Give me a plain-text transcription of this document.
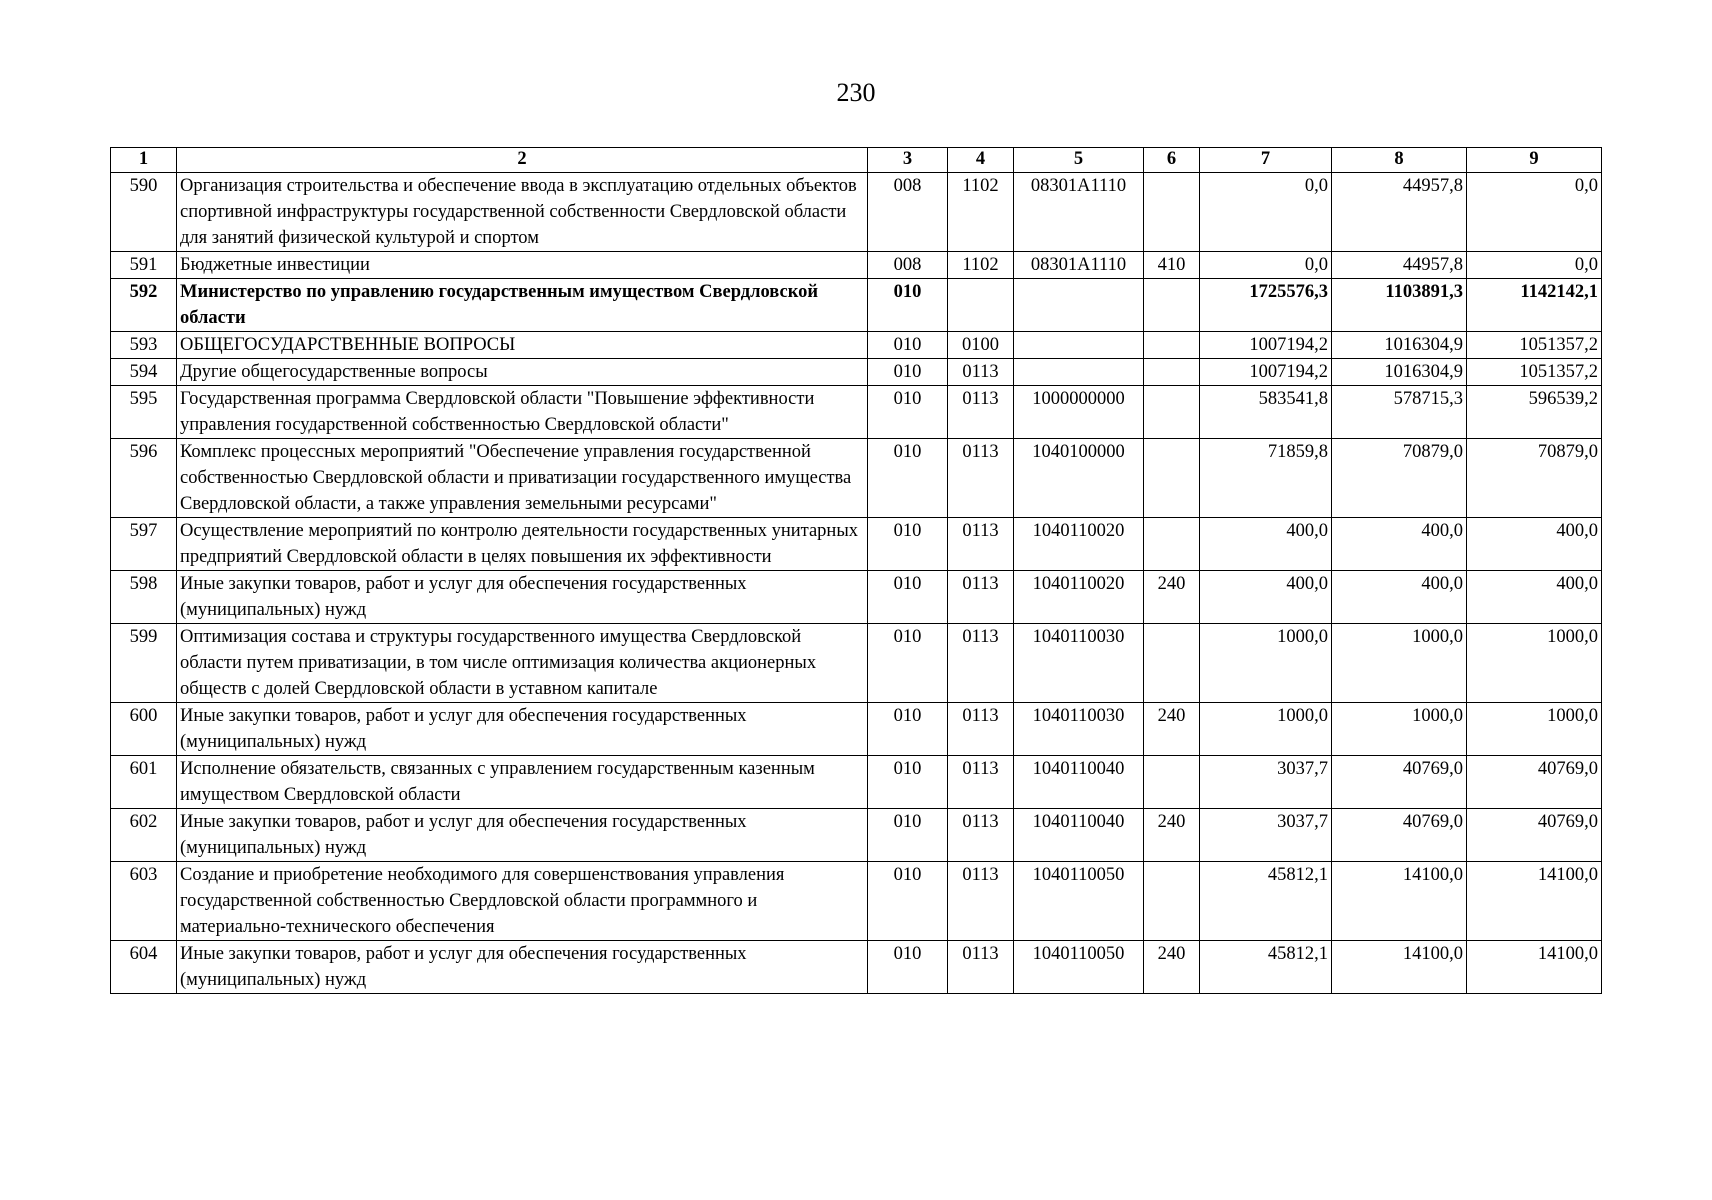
230
1	2	3	4	5	6	7	8	9
590	Организация строительства и обеспечение ввода в эксплуатацию отдельных объектов спортивной инфраструктуры государственной собственности Свердловской области для занятий физической культурой и спортом	008	1102	08301А1110		0,0	44957,8	0,0
591	Бюджетные инвестиции	008	1102	08301А1110	410	0,0	44957,8	0,0
592	Министерство по управлению государственным имуществом Свердловской области	010				1725576,3	1103891,3	1142142,1
593	ОБЩЕГОСУДАРСТВЕННЫЕ ВОПРОСЫ	010	0100			1007194,2	1016304,9	1051357,2
594	Другие общегосударственные вопросы	010	0113			1007194,2	1016304,9	1051357,2
595	Государственная программа Свердловской области "Повышение эффективности управления государственной собственностью Свердловской области"	010	0113	1000000000		583541,8	578715,3	596539,2
596	Комплекс процессных мероприятий "Обеспечение управления государственной собственностью Свердловской области и приватизации государственного имущества Свердловской области, а также управления земельными ресурсами"	010	0113	1040100000		71859,8	70879,0	70879,0
597	Осуществление мероприятий по контролю деятельности государственных унитарных предприятий Свердловской области в целях повышения их эффективности	010	0113	1040110020		400,0	400,0	400,0
598	Иные закупки товаров, работ и услуг для обеспечения государственных (муниципальных) нужд	010	0113	1040110020	240	400,0	400,0	400,0
599	Оптимизация состава и структуры государственного имущества Свердловской области путем приватизации, в том числе оптимизация количества акционерных обществ с долей Свердловской области в уставном капитале	010	0113	1040110030		1000,0	1000,0	1000,0
600	Иные закупки товаров, работ и услуг для обеспечения государственных (муниципальных) нужд	010	0113	1040110030	240	1000,0	1000,0	1000,0
601	Исполнение обязательств, связанных с управлением государственным казенным имуществом Свердловской области	010	0113	1040110040		3037,7	40769,0	40769,0
602	Иные закупки товаров, работ и услуг для обеспечения государственных (муниципальных) нужд	010	0113	1040110040	240	3037,7	40769,0	40769,0
603	Создание и приобретение необходимого для совершенствования управления государственной собственностью Свердловской области программного и материально-технического обеспечения	010	0113	1040110050		45812,1	14100,0	14100,0
604	Иные закупки товаров, работ и услуг для обеспечения государственных (муниципальных) нужд	010	0113	1040110050	240	45812,1	14100,0	14100,0
